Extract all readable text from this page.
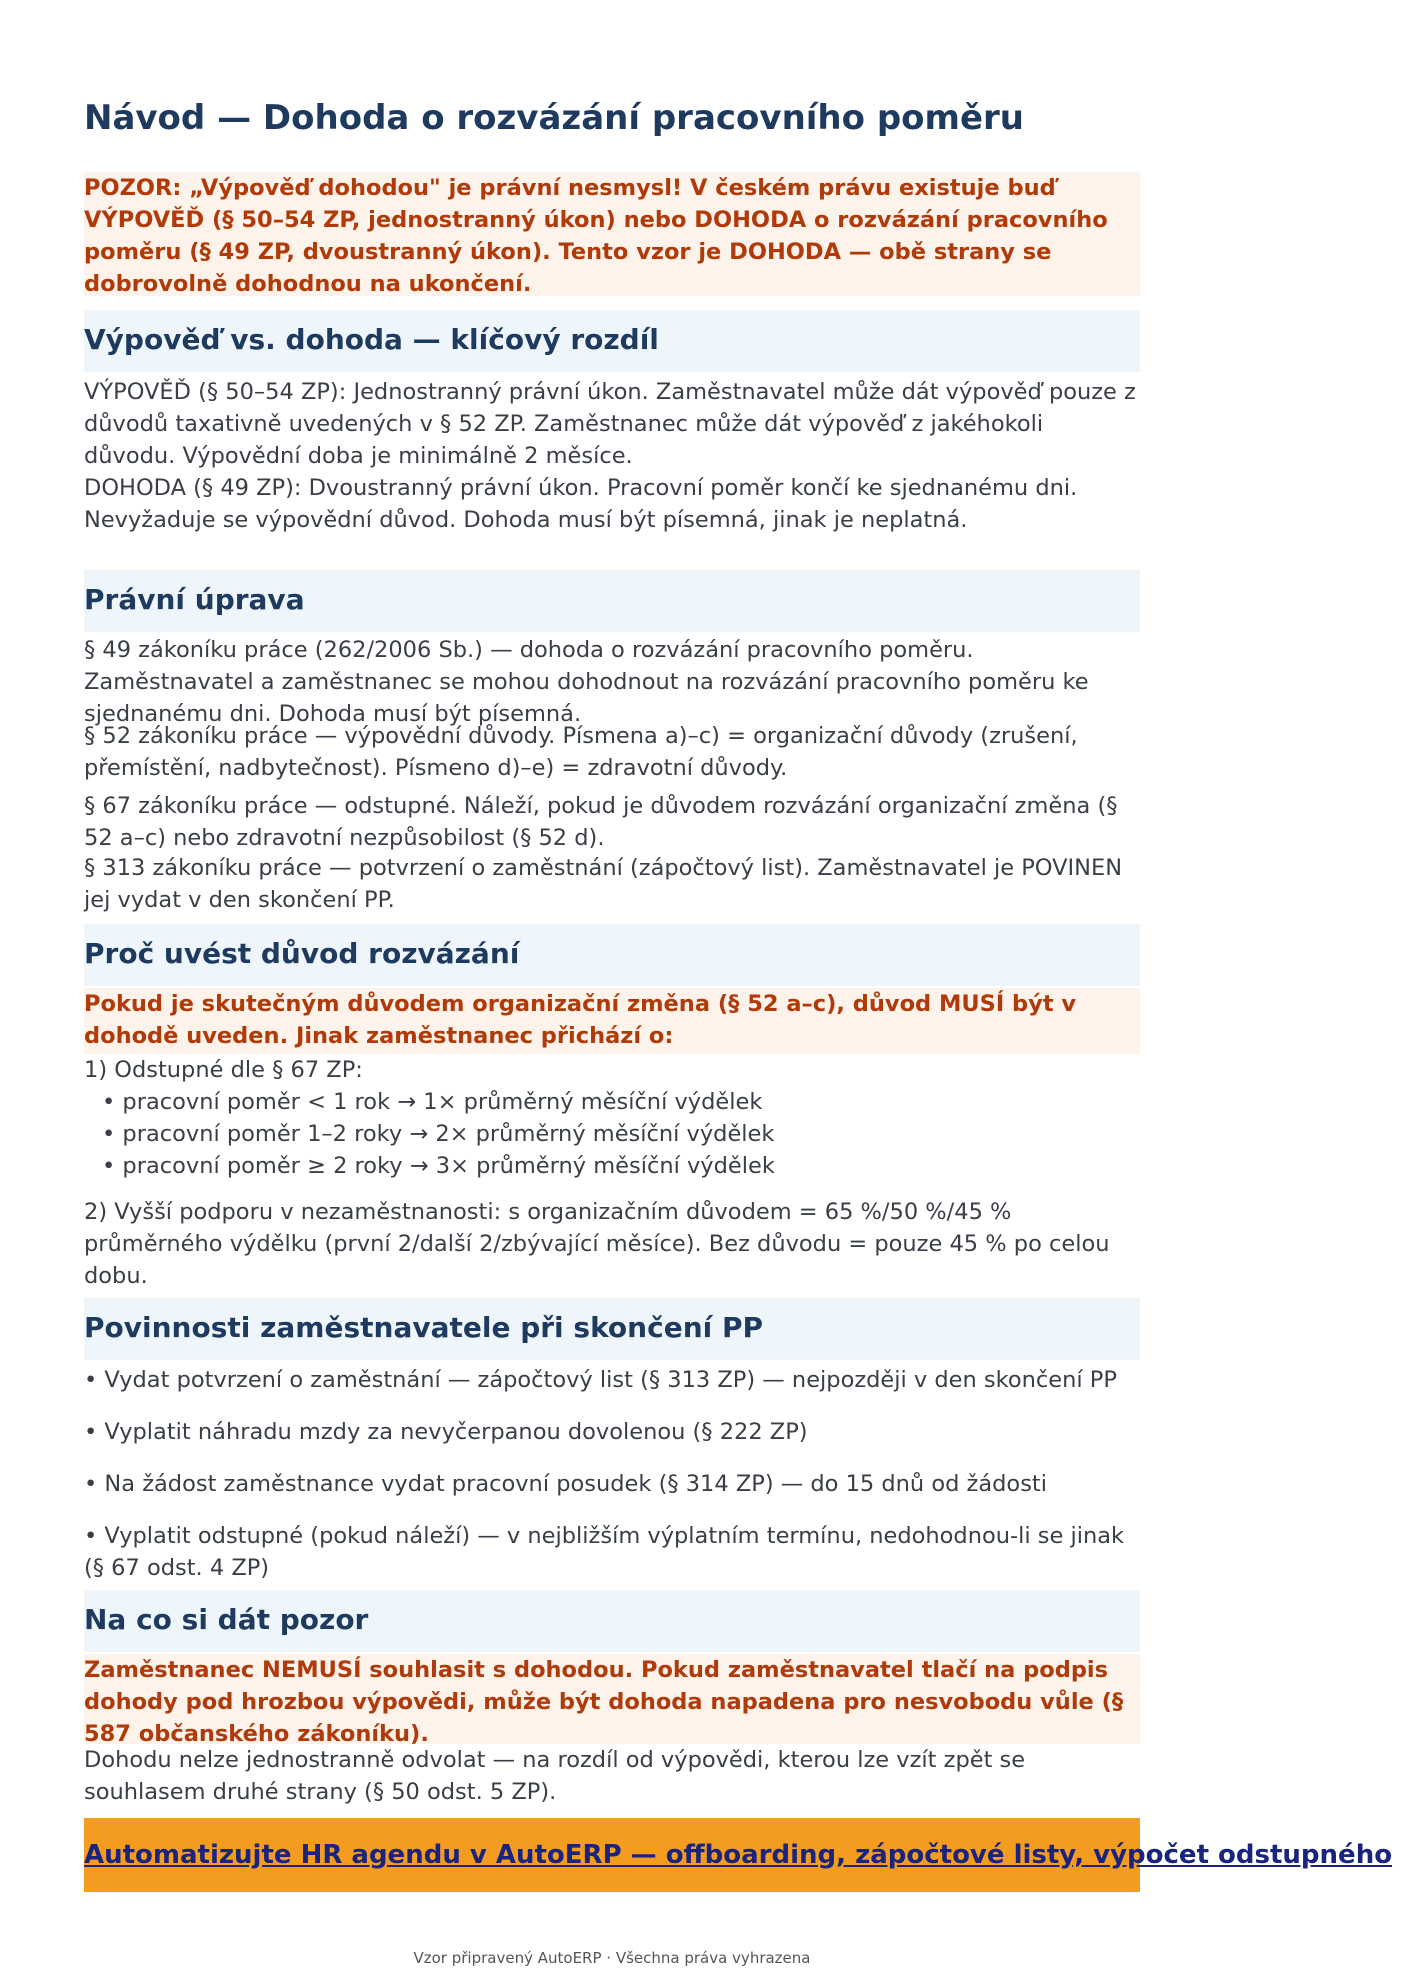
Návod — Dohoda o rozvázání pracovního poměru
POZOR: „Výpověď dohodou" je právní nesmysl! V českém právu existuje buď VÝPOVĚĎ (§ 50–54 ZP, jednostranný úkon) nebo DOHODA o rozvázání pracovního poměru (§ 49 ZP, dvoustranný úkon). Tento vzor je DOHODA — obě strany se dobrovolně dohodnou na ukončení.
Výpověď vs. dohoda — klíčový rozdíl
VÝPOVĚĎ (§ 50–54 ZP): Jednostranný právní úkon. Zaměstnavatel může dát výpověď pouze z důvodů taxativně uvedených v § 52 ZP. Zaměstnanec může dát výpověď z jakéhokoli důvodu. Výpovědní doba je minimálně 2 měsíce.
DOHODA (§ 49 ZP): Dvoustranný právní úkon. Pracovní poměr končí ke sjednanému dni. Nevyžaduje se výpovědní důvod. Dohoda musí být písemná, jinak je neplatná.
Právní úprava
§ 49 zákoníku práce (262/2006 Sb.) — dohoda o rozvázání pracovního poměru. Zaměstnavatel a zaměstnanec se mohou dohodnout na rozvázání pracovního poměru ke sjednanému dni. Dohoda musí být písemná.
§ 52 zákoníku práce — výpovědní důvody. Písmena a)–c) = organizační důvody (zrušení, přemístění, nadbytečnost). Písmeno d)–e) = zdravotní důvody.
§ 67 zákoníku práce — odstupné. Náleží, pokud je důvodem rozvázání organizační změna (§ 52 a–c) nebo zdravotní nezpůsobilost (§ 52 d).
§ 313 zákoníku práce — potvrzení o zaměstnání (zápočtový list). Zaměstnavatel je POVINEN jej vydat v den skončení PP.
Proč uvést důvod rozvázání
Pokud je skutečným důvodem organizační změna (§ 52 a–c), důvod MUSÍ být v dohodě uveden. Jinak zaměstnanec přichází o:
1) Odstupné dle § 67 ZP:
• pracovní poměr < 1 rok → 1× průměrný měsíční výdělek
• pracovní poměr 1–2 roky → 2× průměrný měsíční výdělek
• pracovní poměr ≥ 2 roky → 3× průměrný měsíční výdělek
2) Vyšší podporu v nezaměstnanosti: s organizačním důvodem = 65 %/50 %/45 % průměrného výdělku (první 2/další 2/zbývající měsíce). Bez důvodu = pouze 45 % po celou dobu.
Povinnosti zaměstnavatele při skončení PP
• Vydat potvrzení o zaměstnání — zápočtový list (§ 313 ZP) — nejpozději v den skončení PP
• Vyplatit náhradu mzdy za nevyčerpanou dovolenou (§ 222 ZP)
• Na žádost zaměstnance vydat pracovní posudek (§ 314 ZP) — do 15 dnů od žádosti
• Vyplatit odstupné (pokud náleží) — v nejbližším výplatním termínu, nedohodnou-li se jinak (§ 67 odst. 4 ZP)
Na co si dát pozor
Zaměstnanec NEMUSÍ souhlasit s dohodou. Pokud zaměstnavatel tlačí na podpis dohody pod hrozbou výpovědi, může být dohoda napadena pro nesvobodu vůle (§ 587 občanského zákoníku).
Dohodu nelze jednostranně odvolat — na rozdíl od výpovědi, kterou lze vzít zpět se souhlasem druhé strany (§ 50 odst. 5 ZP).
Automatizujte HR agendu v AutoERP — offboarding, zápočtové listy, výpočet odstupného
Vzor připravený AutoERP · Všechna práva vyhrazena
